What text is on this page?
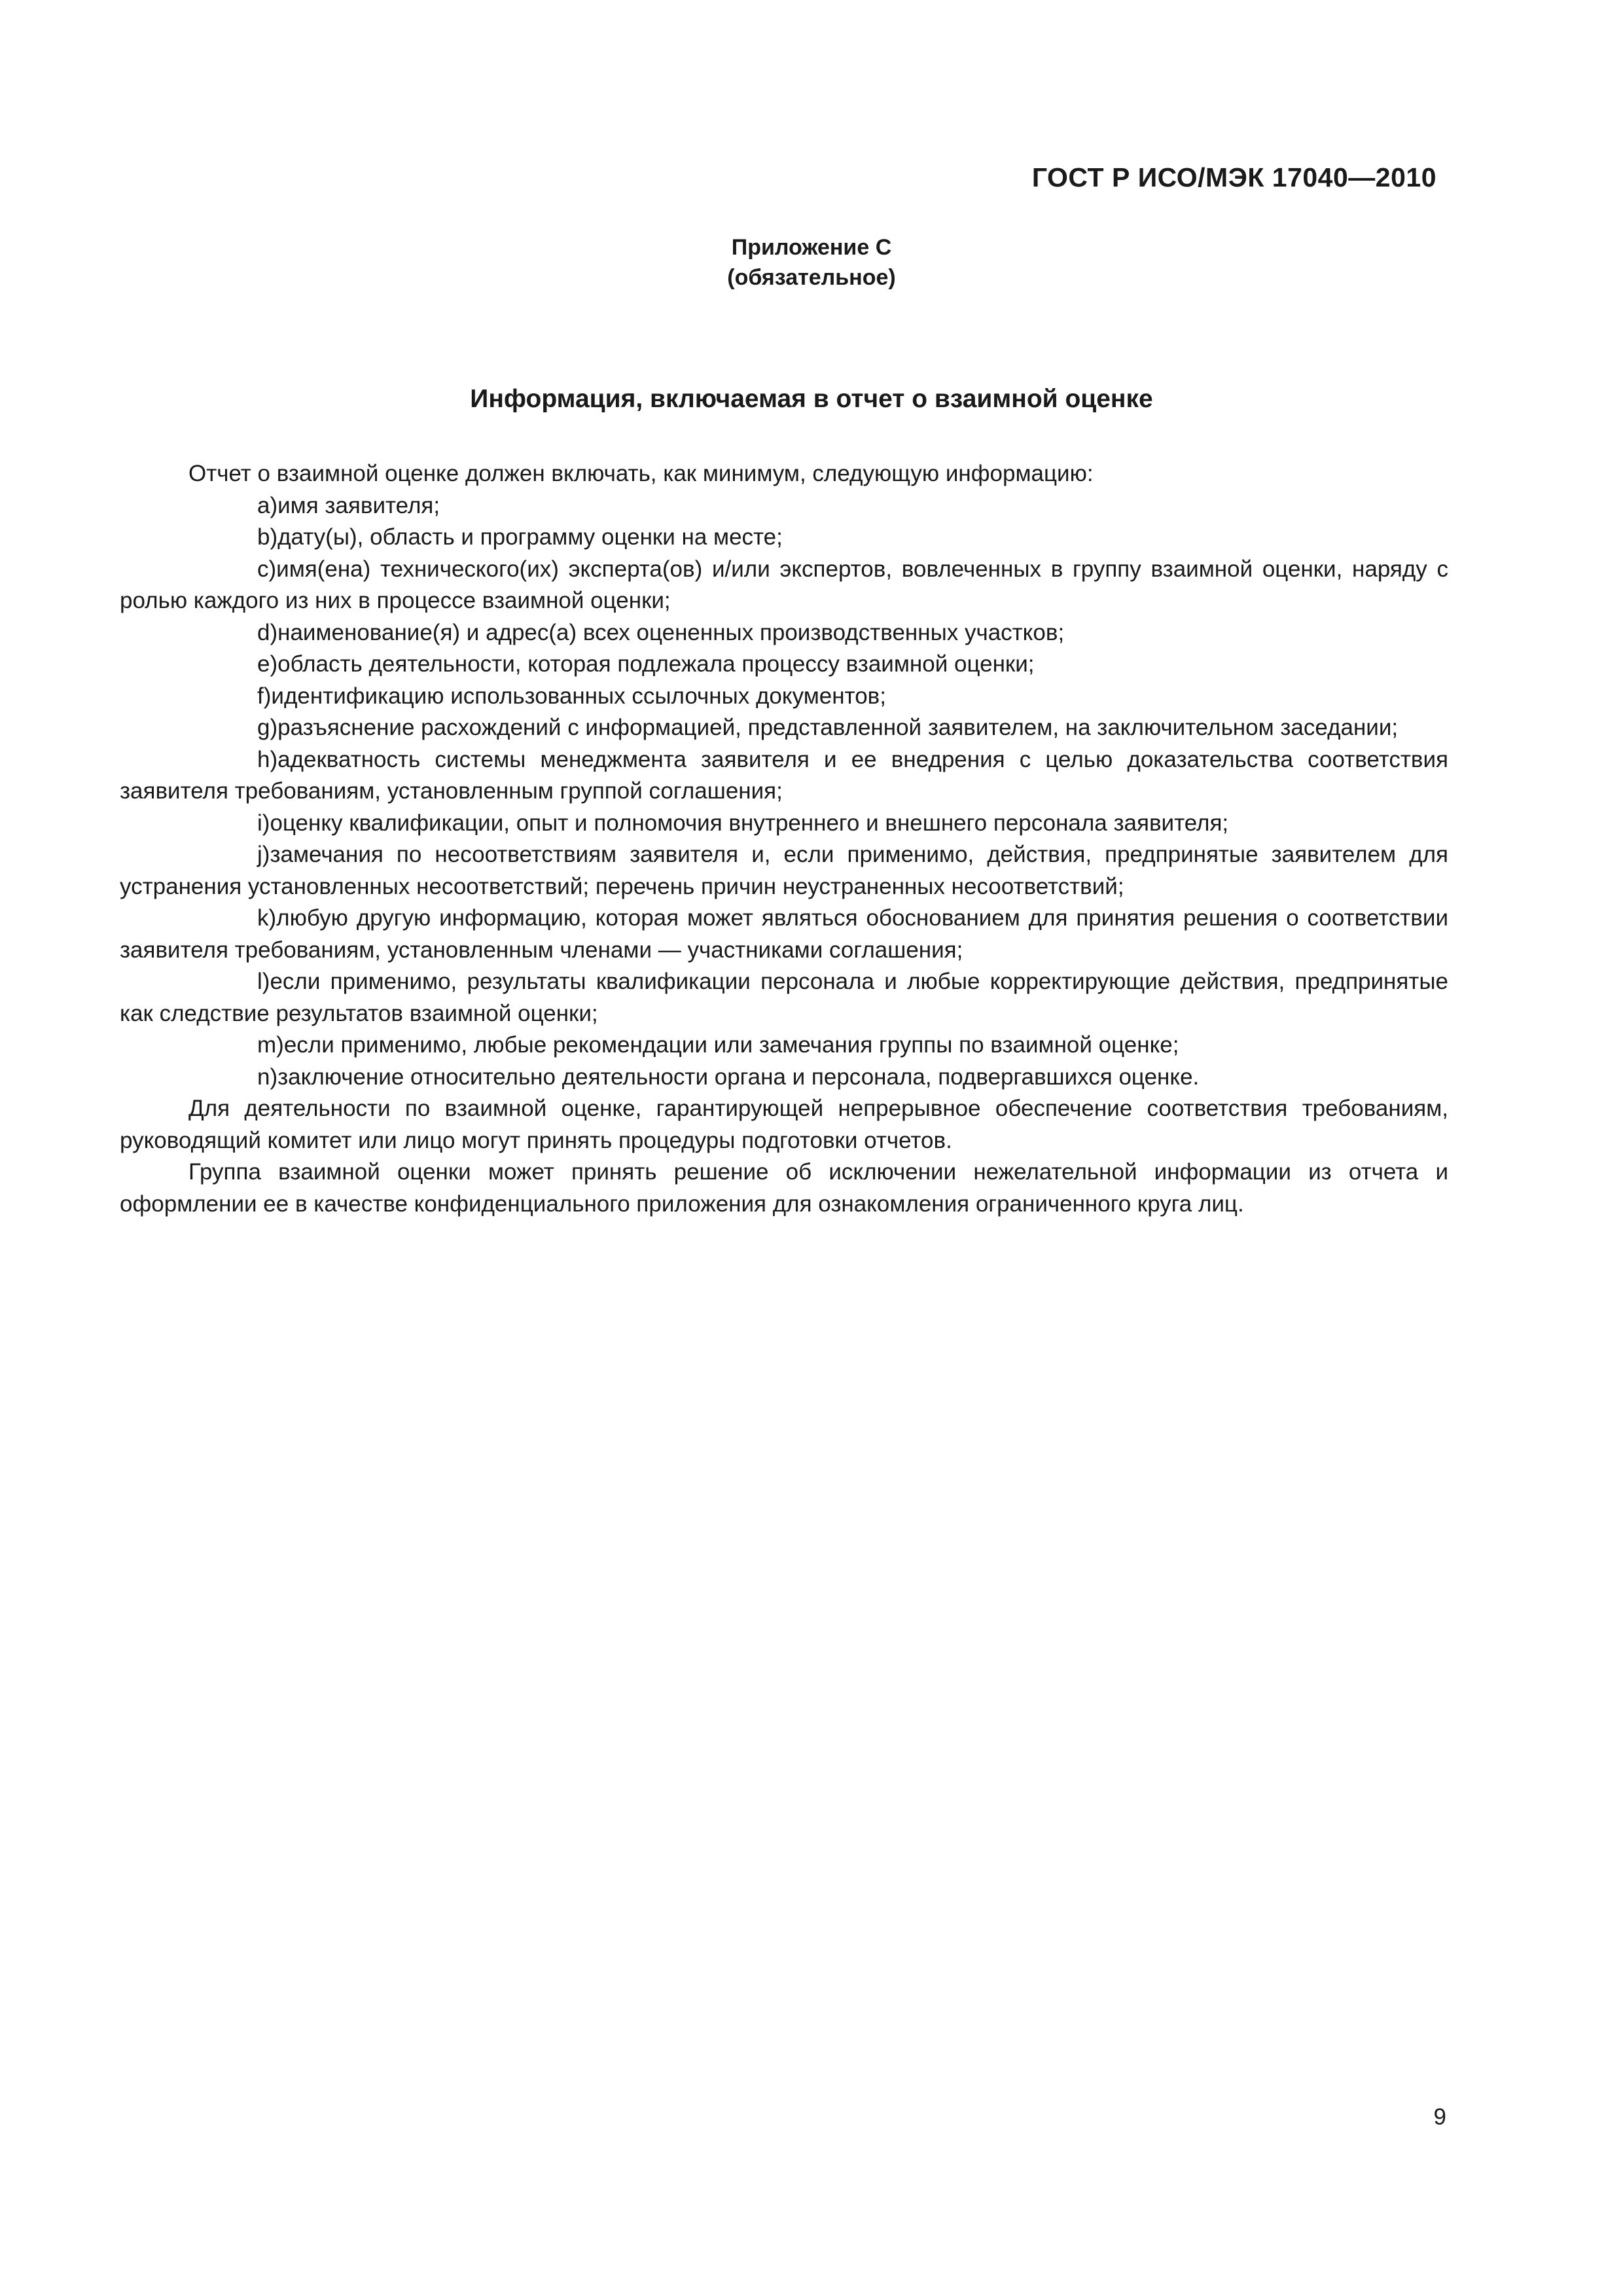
ГОСТ Р ИСО/МЭК 17040—2010
Приложение С
(обязательное)
Информация, включаемая в отчет о взаимной оценке

Отчет о взаимной оценке должен включать, как минимум, следующую информацию:

a)имя заявителя;

b)дату(ы), область и программу оценки на месте;

c)имя(ена) технического(их) эксперта(ов) и/или экспертов, вовлеченных в группу взаимной оценки, наряду с ролью каждого из них в процессе взаимной оценки;

d)наименование(я) и адрес(а) всех оцененных производственных участков;

e)область деятельности, которая подлежала процессу взаимной оценки;

f)идентификацию использованных ссылочных документов;

g)разъяснение расхождений с информацией, представленной заявителем, на заключительном заседании;

h)адекватность системы менеджмента заявителя и ее внедрения с целью доказательства соответствия заявителя требованиям, установленным группой соглашения;

i)оценку квалификации, опыт и полномочия внутреннего и внешнего персонала заявителя;

j)замечания по несоответствиям заявителя и, если применимо, действия, предпринятые заявителем для устранения установленных несоответствий; перечень причин неустраненных несоответствий;

k)любую другую информацию, которая может являться обоснованием для принятия решения о соответствии заявителя требованиям, установленным членами — участниками соглашения;

l)если применимо, результаты квалификации персонала и любые корректирующие действия, предпринятые как следствие результатов взаимной оценки;

m)если применимо, любые рекомендации или замечания группы по взаимной оценке;

n)заключение относительно деятельности органа и персонала, подвергавшихся оценке.

Для деятельности по взаимной оценке, гарантирующей непрерывное обеспечение соответствия требованиям, руководящий комитет или лицо могут принять процедуры подготовки отчетов.

Группа взаимной оценки может принять решение об исключении нежелательной информации из отчета и оформлении ее в качестве конфиденциального приложения для ознакомления ограниченного круга лиц.

9
